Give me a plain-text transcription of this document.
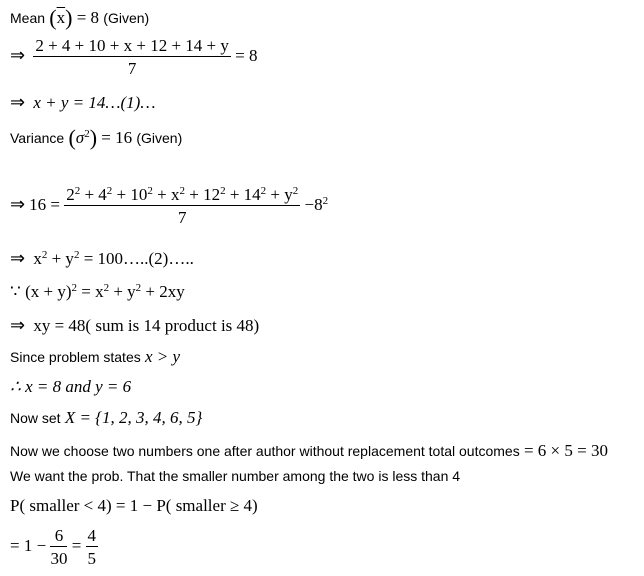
Mean $(\overline{x}) = 8$ (Given)
⇒ $\frac{2 + 4 + 10 + x + 12 + 14 + y}{7} = 8$
⇒ x + y = 14…(1)…
Variance $(\sigma^2) = 16$ (Given)
⇒ $16 = \frac{2^2 + 4^2 + 10^2 + x^2 + 12^2 + 14^2 + y^2}{7} -8^2$
⇒ $x^2 + y^2$ = 100…..(2)…..
∵ $(x + y)^2 = x^2 + y^2 + 2xy$
⇒ xy = 48( sum is 14 product is 48)
Since problem states x > y
∴ x = 8 and y = 6
Now set X = {1, 2, 3, 4, 6, 5}
Now we choose two numbers one after author without replacement total outcomes = 6 × 5 = 30
We want the prob. That the smaller number among the two is less than 4
P( smaller < 4) = 1 − P( smaller ≥ 4)
= $1 - \frac{6}{30} = \frac{4}{5}$
